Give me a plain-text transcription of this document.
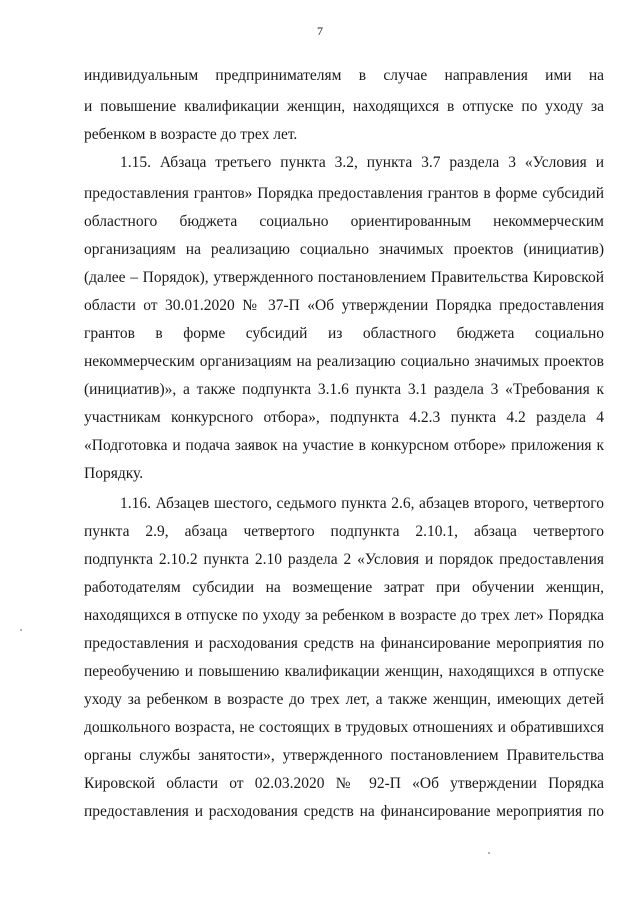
7
индивидуальным предпринимателям в случае направления ими на
и повышение квалификации женщин, находящихся в отпуске по уходу за
ребенком в возрасте до трех лет.
1.15. Абзаца третьего пункта 3.2, пункта 3.7 раздела 3 «Условия и
предоставления грантов» Порядка предоставления грантов в форме субсидий
областного бюджета социально ориентированным некоммерческим
организациям на реализацию социально значимых проектов (инициатив)
(далее – Порядок), утвержденного постановлением Правительства Кировской
области от 30.01.2020 № 37-П «Об утверждении Порядка предоставления
грантов в форме субсидий из областного бюджета социально
некоммерческим организациям на реализацию социально значимых проектов
(инициатив)», а также подпункта 3.1.6 пункта 3.1 раздела 3 «Требования к
участникам конкурсного отбора», подпункта 4.2.3 пункта 4.2 раздела 4
«Подготовка и подача заявок на участие в конкурсном отборе» приложения к
Порядку.
1.16. Абзацев шестого, седьмого пункта 2.6, абзацев второго, четвертого
пункта 2.9, абзаца четвертого подпункта 2.10.1, абзаца четвертого
подпункта 2.10.2 пункта 2.10 раздела 2 «Условия и порядок предоставления
работодателям субсидии на возмещение затрат при обучении женщин,
находящихся в отпуске по уходу за ребенком в возрасте до трех лет» Порядка
предоставления и расходования средств на финансирование мероприятия по
переобучению и повышению квалификации женщин, находящихся в отпуске
уходу за ребенком в возрасте до трех лет, а также женщин, имеющих детей
дошкольного возраста, не состоящих в трудовых отношениях и обратившихся
органы службы занятости», утвержденного постановлением Правительства
Кировской области от 02.03.2020 № 92-П «Об утверждении Порядка
предоставления и расходования средств на финансирование мероприятия по
